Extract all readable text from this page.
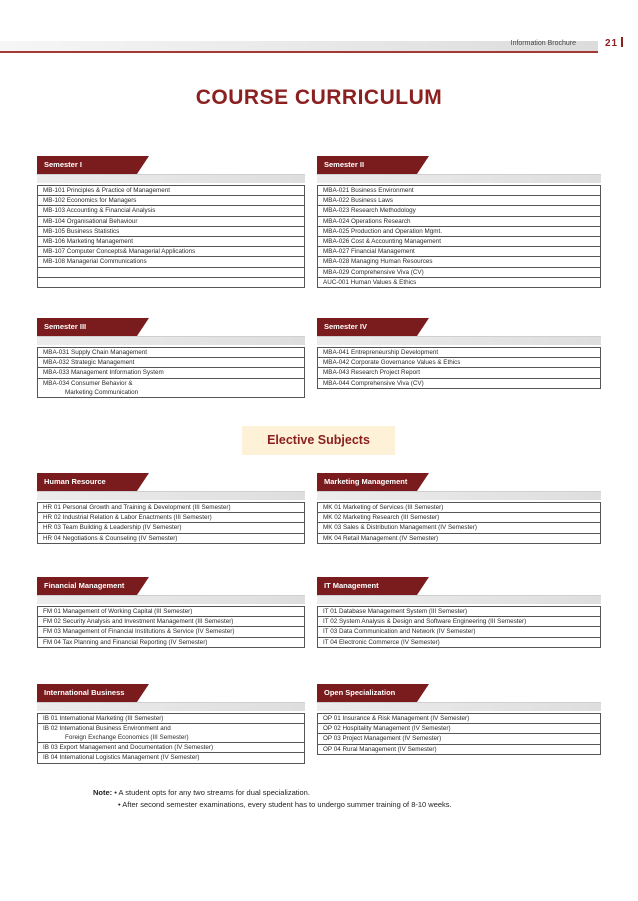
Information Brochure	21
COURSE CURRICULUM
Semester I
MB-101 Principles & Practice of Management
MB-102 Economics for Managers
MB-103 Accounting & Financial Analysis
MB-104 Organisational Behaviour
MB-105 Business Statistics
MB-106 Marketing Management
MB-107 Computer Concepts& Managerial Applications
MB-108 Managerial Communications
Semester II
MBA-021 Business Environment
MBA-022 Business Laws
MBA-023 Research Methodology
MBA-024 Operations Research
MBA-025 Production and Operation Mgmt.
MBA-026 Cost & Accounting Management
MBA-027 Financial Management
MBA-028 Managing Human Resources
MBA-029 Comprehensive Viva (CV)
AUC-001 Human Values & Ethics
Semester III
MBA-031 Supply Chain Management
MBA-032 Strategic Management
MBA-033 Management Information System
MBA-034 Consumer Behavior &
Marketing Communication
Semester IV
MBA-041 Entrepreneurship Development
MBA-042 Corporate Governance Values & Ethics
MBA-043 Research Project Report
MBA-044 Comprehensive Viva (CV)
Elective Subjects
Human Resource
HR 01 Personal Growth and Training & Development (III Semester)
HR 02 Industrial Relation & Labor Enactments (III Semester)
HR 03 Team Building & Leadership (IV Semester)
HR 04 Negotiations & Counseling (IV Semester)
Marketing Management
MK 01 Marketing of Services (III Semester)
MK 02 Marketing Research (III Semester)
MK 03 Sales & Distribution Management (IV Semester)
MK 04 Retail Management (IV Semester)
Financial Management
FM 01 Management of Working Capital (III Semester)
FM 02 Security Analysis and Investment Management (III Semester)
FM 03 Management of Financial Institutions & Service (IV Semester)
FM 04 Tax Planning and Financial Reporting (IV Semester)
IT Management
IT 01 Database Management System (III Semester)
IT 02 System Analysis & Design and Software Engineering (III Semester)
IT 03 Data Communication and Network (IV Semester)
IT 04 Electronic Commerce (IV Semester)
International Business
IB 01 International Marketing (III Semester)
IB 02 International Business Environment and
Foreign Exchange Economics (III Semester)
IB 03 Export Management and Documentation (IV Semester)
IB 04 International Logistics Management (IV Semester)
Open Specialization
OP 01 Insurance & Risk Management (IV Semester)
OP 02 Hospitality Management (IV Semester)
OP 03 Project Management (IV Semester)
OP 04 Rural Management (IV Semester)
Note: • A student opts for any two streams for dual specialization.
• After second semester examinations, every student has to undergo summer training of 8-10 weeks.
